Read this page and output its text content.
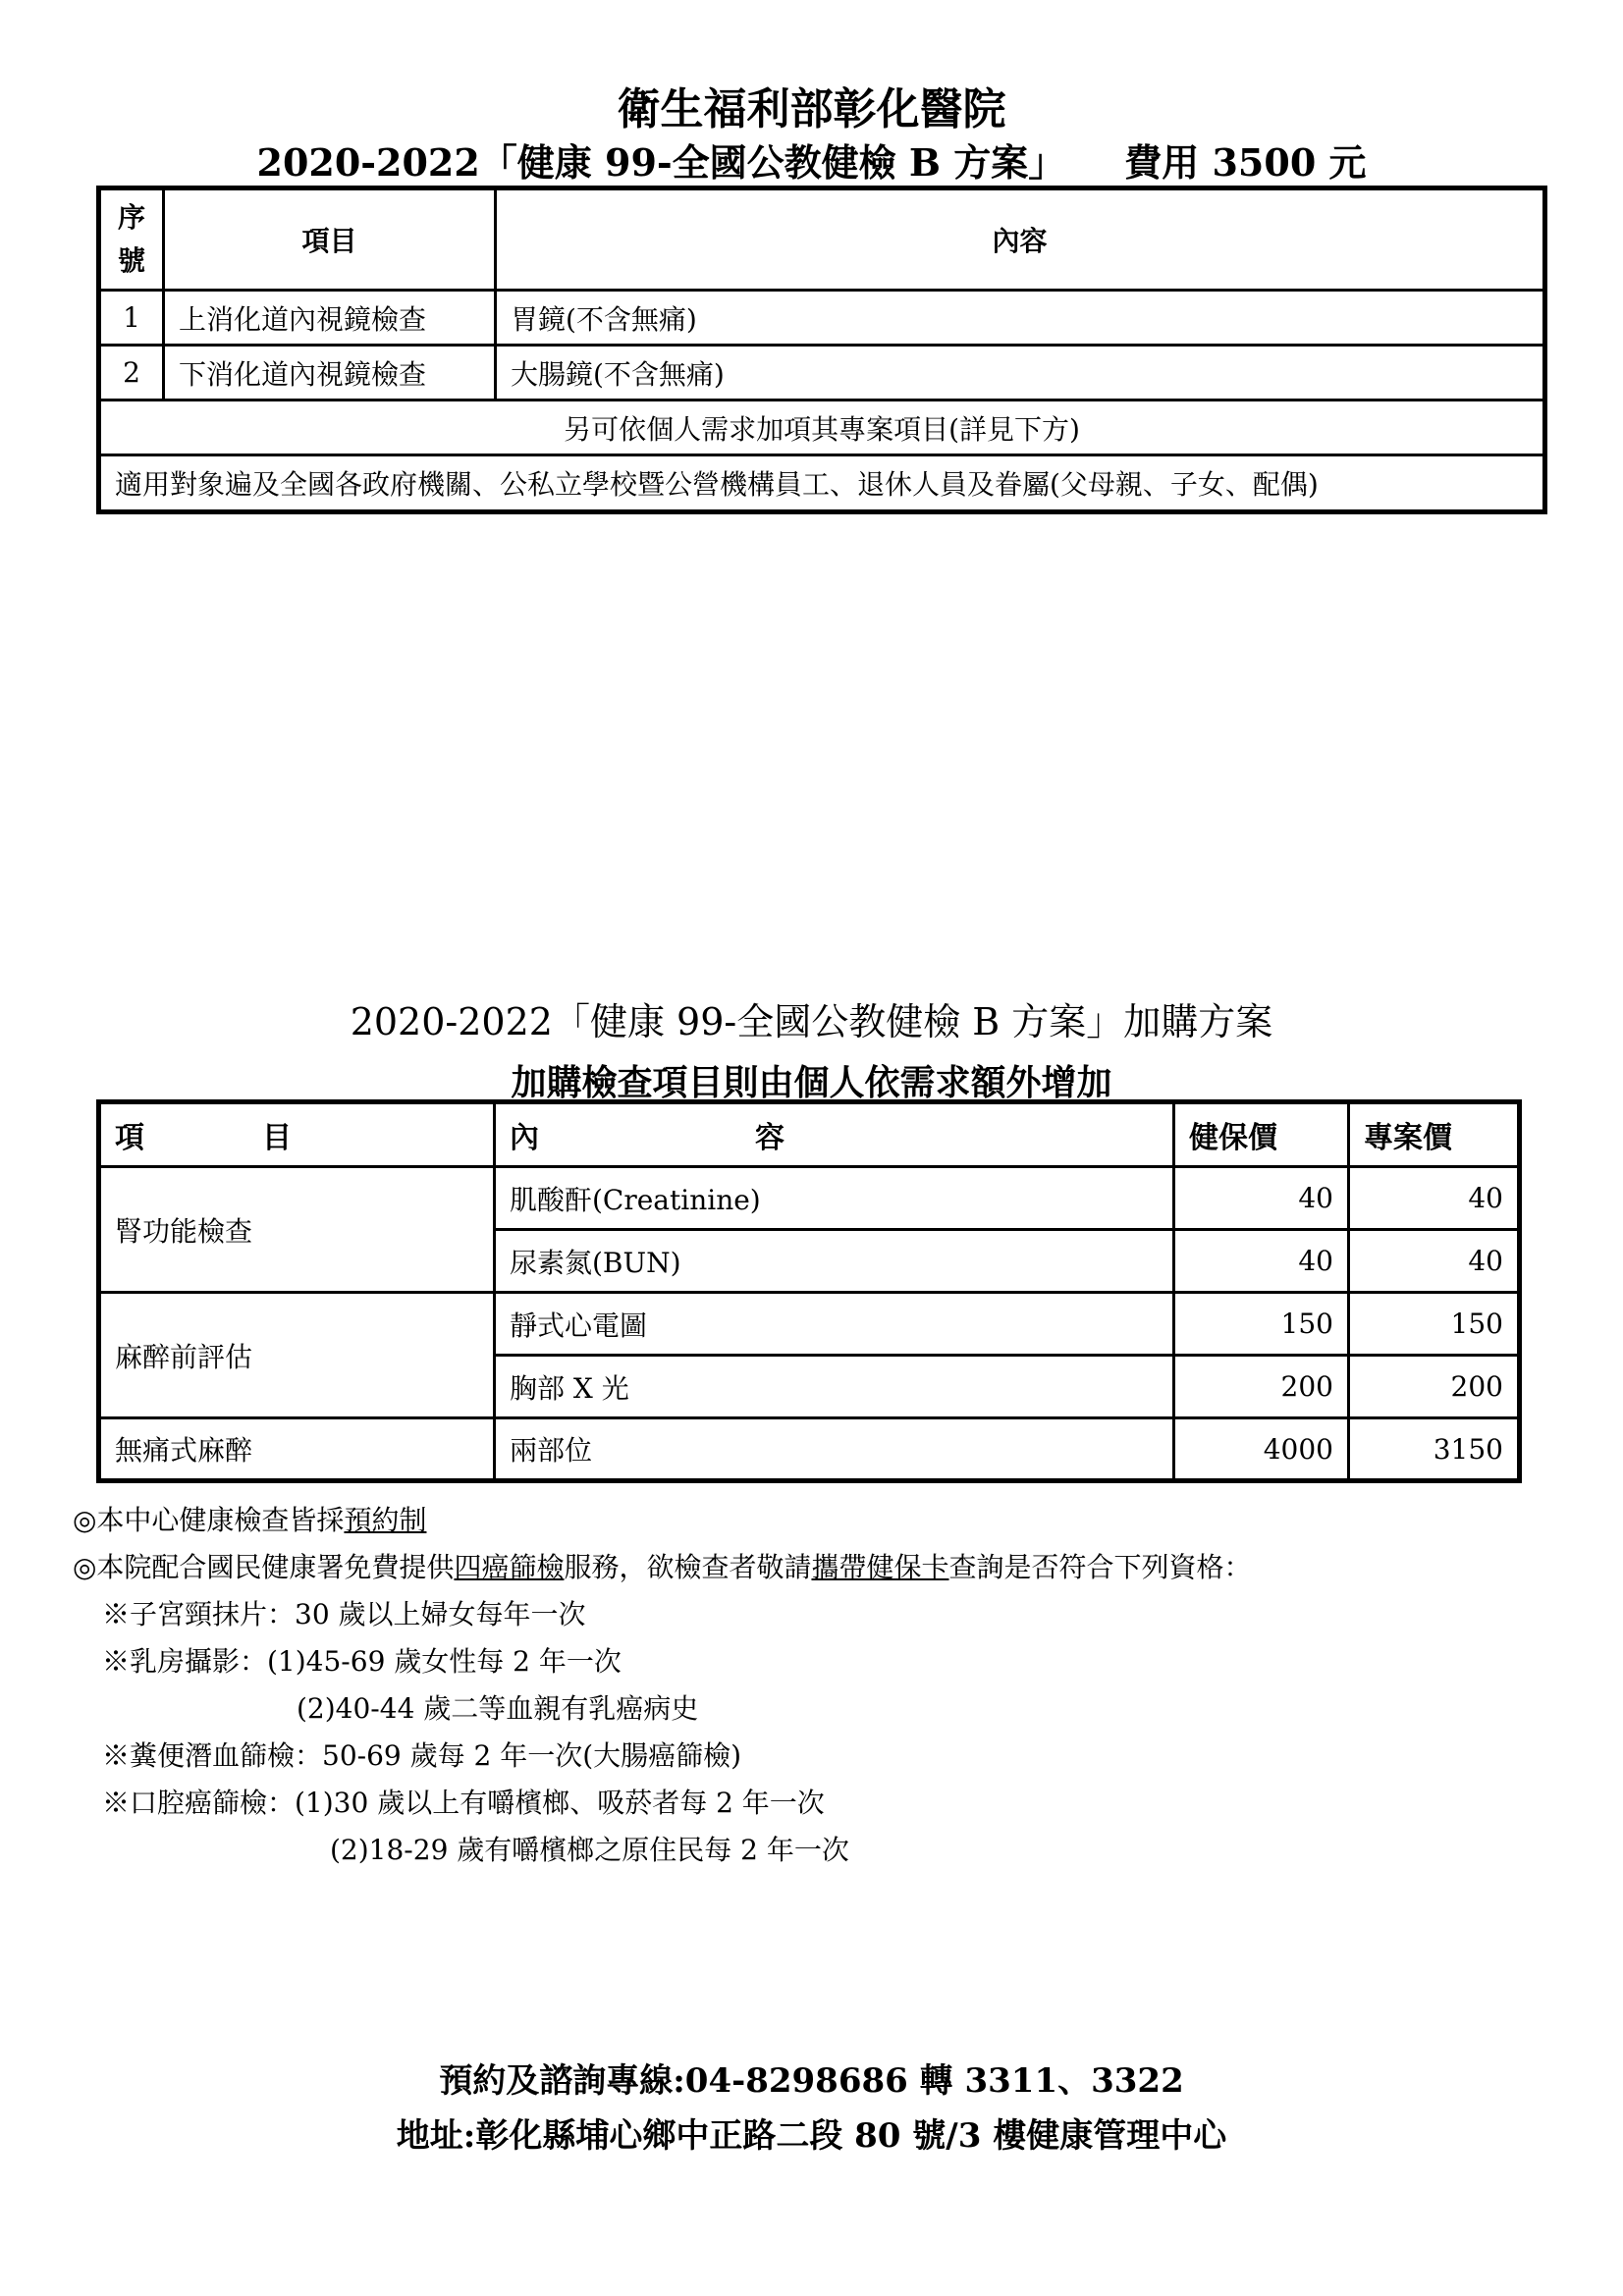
衛生福利部彰化醫院
2020-2022「健康 99-全國公教健檢 B 方案」 費用 3500 元
序
號	項目	內容
1	上消化道內視鏡檢查	胃鏡(不含無痛)
2	下消化道內視鏡檢查	大腸鏡(不含無痛)
另可依個人需求加項其專案項目(詳見下方)		
適用對象遍及全國各政府機關、公私立學校暨公營機構員工、退休人員及眷屬(父母親、子女、配偶)		
2020-2022「健康 99-全國公教健檢 B 方案」加購方案
加購檢查項目則由個人依需求額外增加
項 目	內 容	健保價	專案價
腎功能檢查	肌酸酐(Creatinine)	40	40
	尿素氮(BUN)	40	40
麻醉前評估	靜式心電圖	150	150
	胸部 X 光	200	200
無痛式麻醉	兩部位	4000	3150
◎本中心健康檢查皆採預約制
◎本院配合國民健康署免費提供四癌篩檢服務，欲檢查者敬請攜帶健保卡查詢是否符合下列資格：
※子宮頸抹片：30 歲以上婦女每年一次
※乳房攝影：(1)45-69 歲女性每 2 年一次
(2)40-44 歲二等血親有乳癌病史
※糞便潛血篩檢：50-69 歲每 2 年一次(大腸癌篩檢)
※口腔癌篩檢：(1)30 歲以上有嚼檳榔、吸菸者每 2 年一次
(2)18-29 歲有嚼檳榔之原住民每 2 年一次
預約及諮詢專線:04-8298686 轉 3311、3322
地址:彰化縣埔心鄉中正路二段 80 號/3 樓健康管理中心
